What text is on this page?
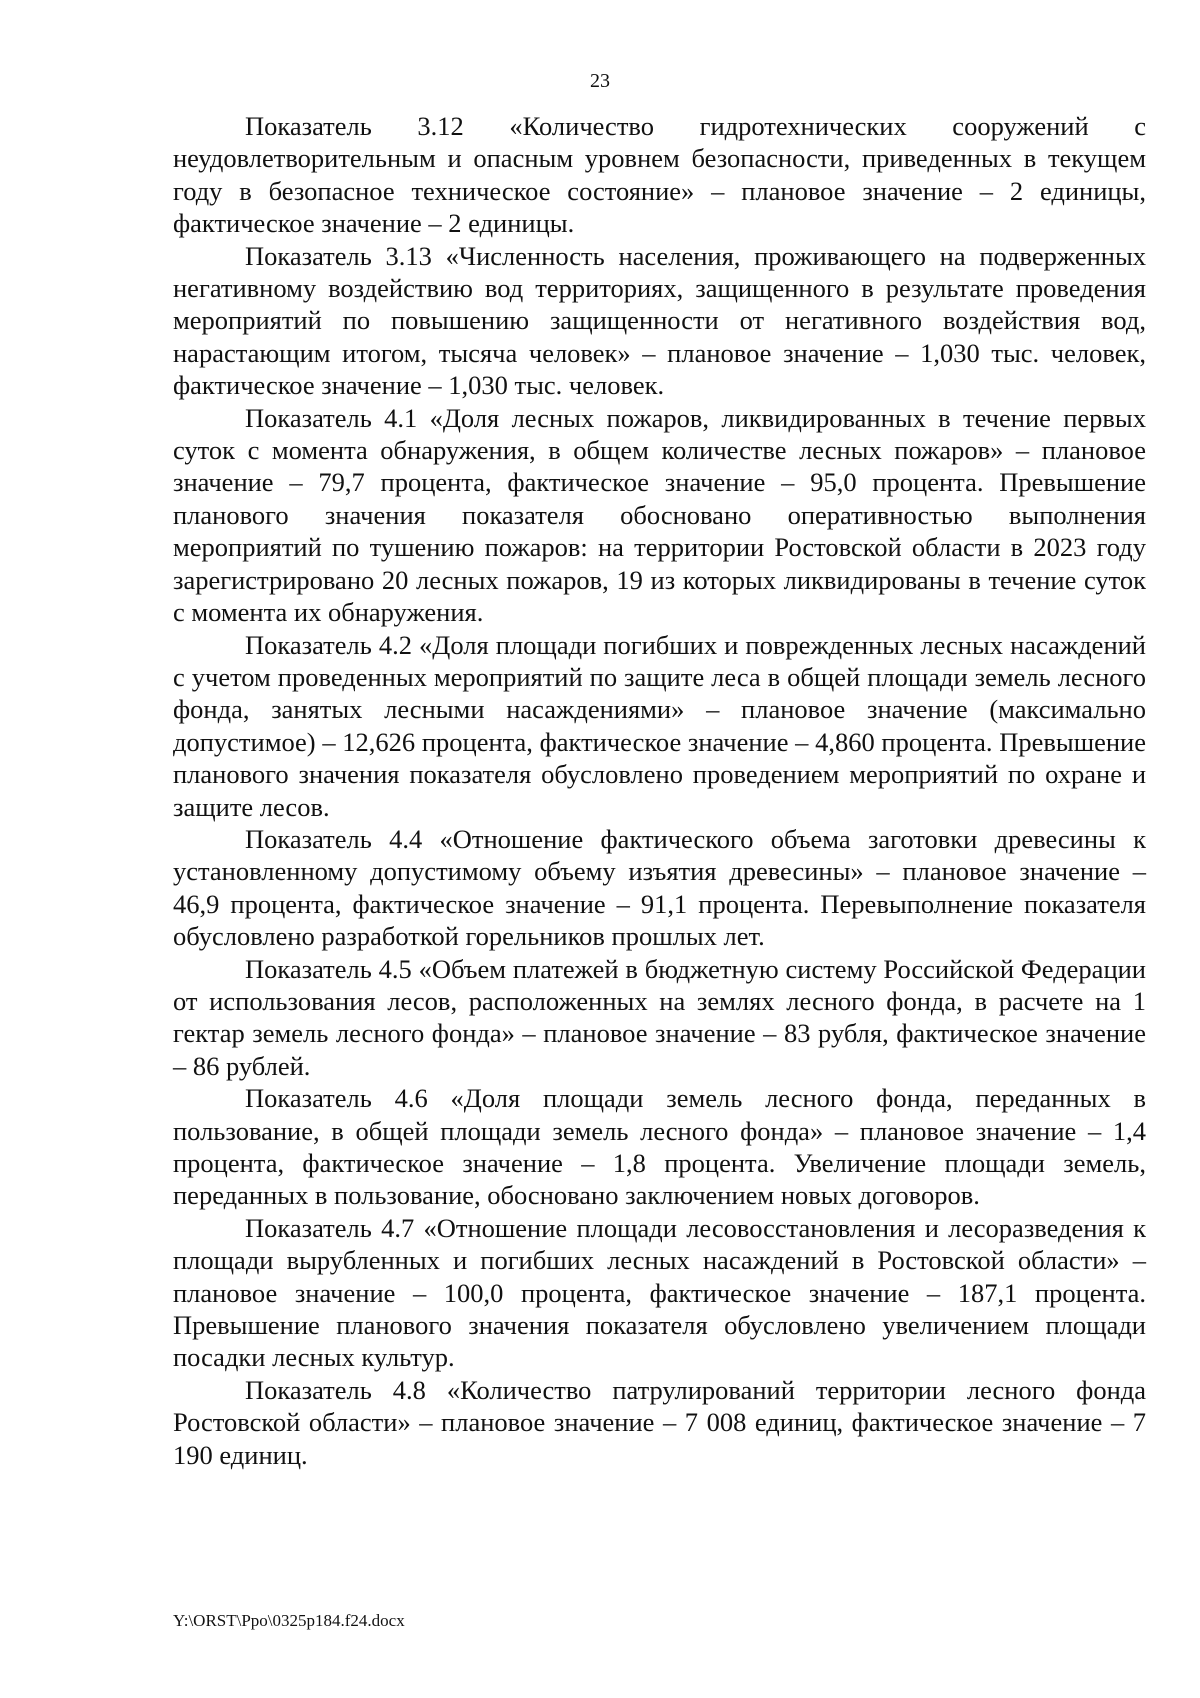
23

Показатель 3.12 «Количество гидротехнических сооружений с неудовлетворительным и опасным уровнем безопасности, приведенных в текущем году в безопасное техническое состояние» – плановое значение – 2 единицы, фактическое значение – 2 единицы.

Показатель 3.13 «Численность населения, проживающего на подверженных негативному воздействию вод территориях, защищенного в результате проведения мероприятий по повышению защищенности от негативного воздействия вод, нарастающим итогом, тысяча человек» – плановое значение – 1,030 тыс. человек, фактическое значение – 1,030 тыс. человек.

Показатель 4.1 «Доля лесных пожаров, ликвидированных в течение первых суток с момента обнаружения, в общем количестве лесных пожаров» – плановое значение – 79,7 процента, фактическое значение – 95,0 процента. Превышение планового значения показателя обосновано оперативностью выполнения мероприятий по тушению пожаров: на территории Ростовской области в 2023 году зарегистрировано 20 лесных пожаров, 19 из которых ликвидированы в течение суток с момента их обнаружения.

Показатель 4.2 «Доля площади погибших и поврежденных лесных насаждений с учетом проведенных мероприятий по защите леса в общей площади земель лесного фонда, занятых лесными насаждениями» – плановое значение (максимально допустимое) – 12,626 процента, фактическое значение – 4,860 процента. Превышение планового значения показателя обусловлено проведением мероприятий по охране и защите лесов.

Показатель 4.4 «Отношение фактического объема заготовки древесины к установленному допустимому объему изъятия древесины» – плановое значение – 46,9 процента, фактическое значение – 91,1 процента. Перевыполнение показателя обусловлено разработкой горельников прошлых лет.

Показатель 4.5 «Объем платежей в бюджетную систему Российской Федерации от использования лесов, расположенных на землях лесного фонда, в расчете на 1 гектар земель лесного фонда» – плановое значение – 83 рубля, фактическое значение – 86 рублей.

Показатель 4.6 «Доля площади земель лесного фонда, переданных в пользование, в общей площади земель лесного фонда» – плановое значение – 1,4 процента, фактическое значение – 1,8 процента. Увеличение площади земель, переданных в пользование, обосновано заключением новых договоров.

Показатель 4.7 «Отношение площади лесовосстановления и лесоразведения к площади вырубленных и погибших лесных насаждений в Ростовской области» – плановое значение – 100,0 процента, фактическое значение – 187,1 процента. Превышение планового значения показателя обусловлено увеличением площади посадки лесных культур.

Показатель 4.8 «Количество патрулирований территории лесного фонда Ростовской области» – плановое значение – 7 008 единиц, фактическое значение – 7 190 единиц.

Y:\ORST\Ppo\0325p184.f24.docx
